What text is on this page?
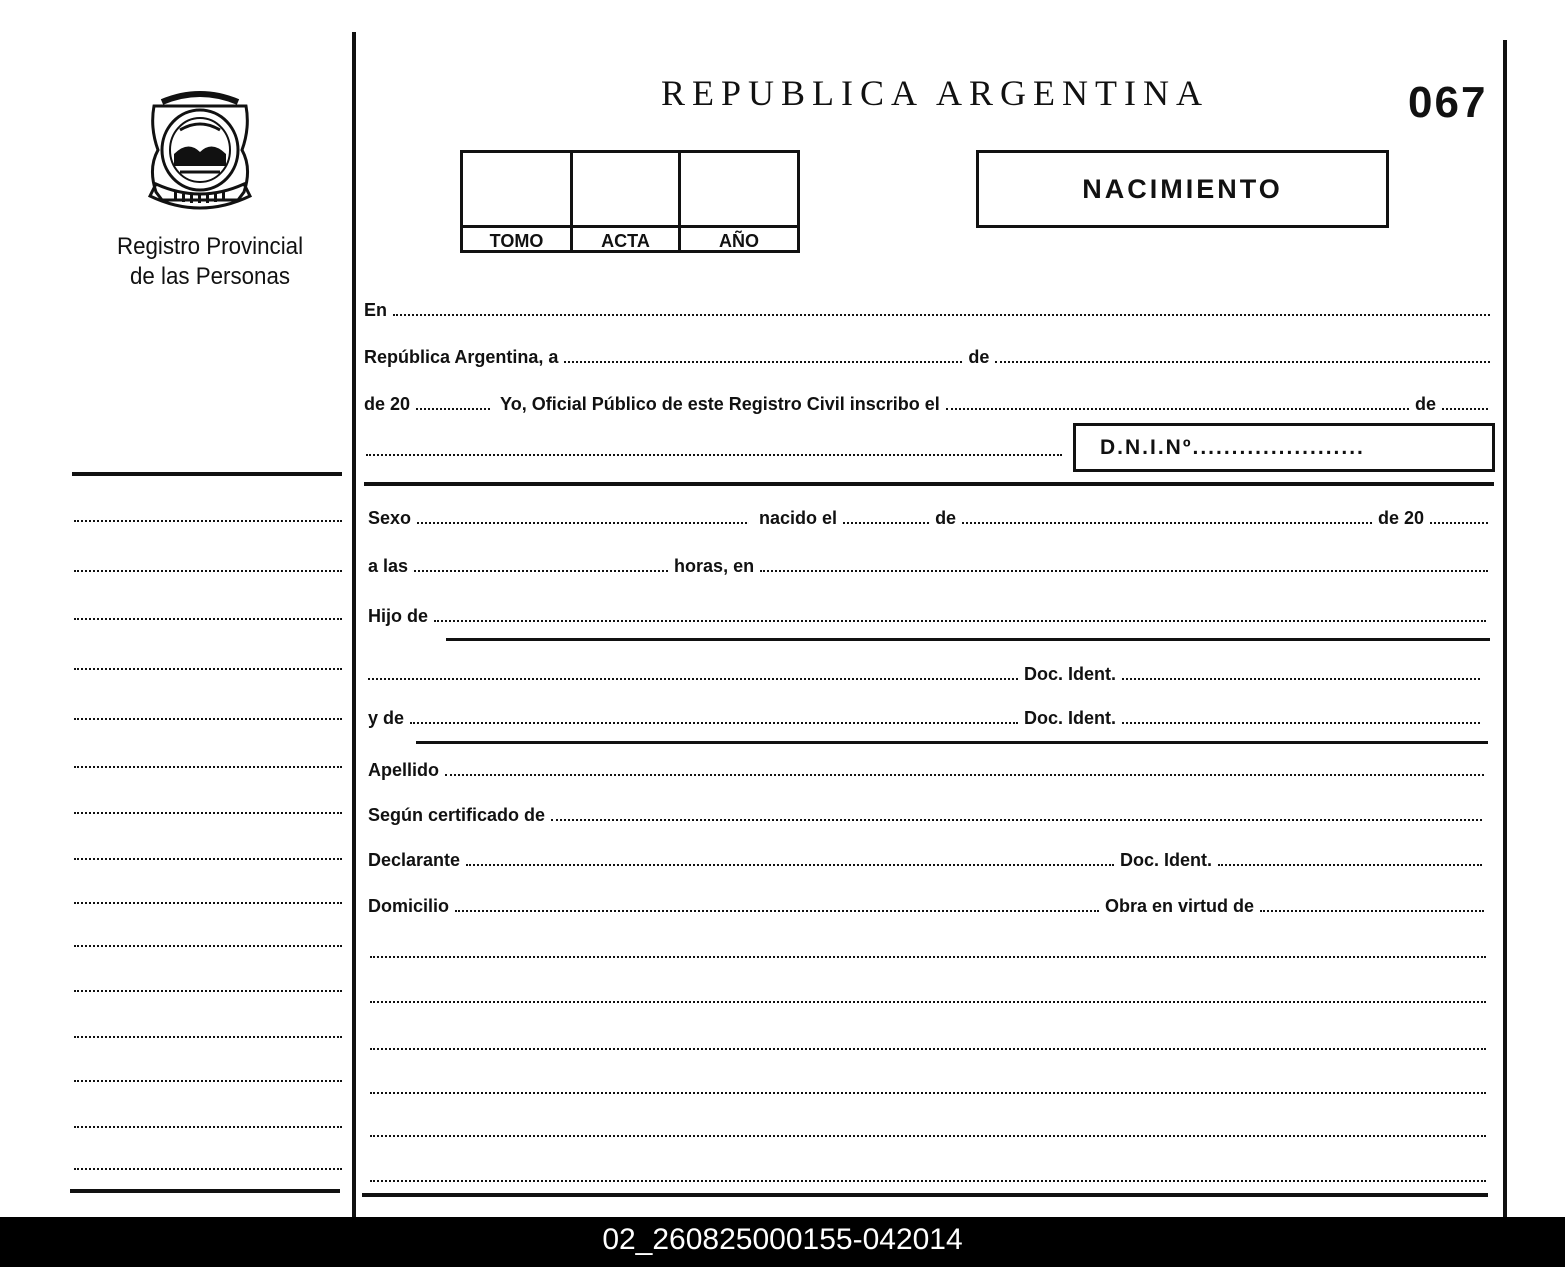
Registro Provincial
de las Personas
REPUBLICA ARGENTINA	067
TOMO	ACTA	AÑO
NACIMIENTO
En
República Argentina, a	de
de 20	Yo, Oficial Público de este Registro Civil inscribo el	de
D.N.I.Nº......................
Sexo	nacido el	de	de 20
a las	horas, en
Hijo de
Doc. Ident.
y de	Doc. Ident.
Apellido
Según certificado de
Declarante	Doc. Ident.
Domicilio	Obra en virtud de
02_260825000155-042014
